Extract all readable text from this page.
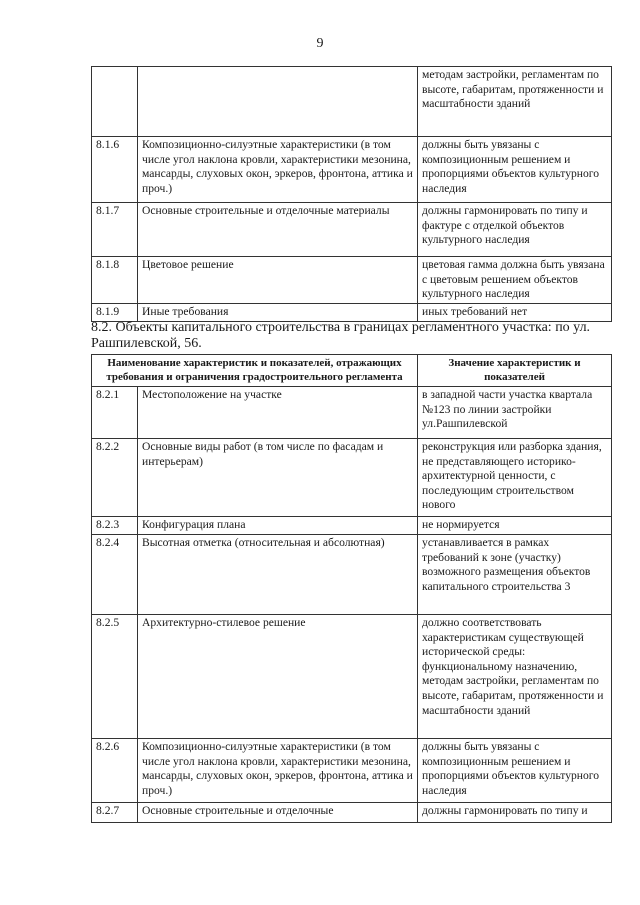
9
		методам застройки, регламентам по высоте, габаритам, протяженности и масштабности зданий
8.1.6	Композиционно-силуэтные характеристики (в том числе угол наклона кровли, характеристики мезонина, мансарды, слуховых окон, эркеров, фронтона, аттика и проч.)	должны быть увязаны с композиционным решением и пропорциями объектов культурного наследия
8.1.7	Основные строительные и отделочные материалы	должны гармонировать по типу и фактуре с отделкой объектов культурного наследия
8.1.8	Цветовое решение	цветовая гамма должна быть увязана с цветовым решением объектов культурного наследия
8.1.9	Иные требования	иных требований нет
8.2. Объекты капитального строительства в границах регламентного участка: по ул. Рашпилевской, 56.
Наименование характеристик и показателей, отражающих требования и ограничения градостроительного регламента		Значение характеристик и показателей
8.2.1	Местоположение на участке	в западной части участка квартала №123 по линии застройки ул.Рашпилевской
8.2.2	Основные виды работ (в том числе по фасадам и интерьерам)	реконструкция или разборка здания, не представляющего историко-архитектурной ценности, с последующим строительством нового
8.2.3	Конфигурация плана	не нормируется
8.2.4	Высотная отметка (относительная и абсолютная)	устанавливается в рамках требований к зоне (участку) возможного размещения объектов капитального строительства 3
8.2.5	Архитектурно-стилевое решение	должно соответствовать характеристикам существующей исторической среды: функциональному назначению, методам застройки, регламентам по высоте, габаритам, протяженности и масштабности зданий
8.2.6	Композиционно-силуэтные характеристики (в том числе угол наклона кровли, характеристики мезонина, мансарды, слуховых окон, эркеров, фронтона, аттика и проч.)	должны быть увязаны с композиционным решением и пропорциями объектов культурного наследия
8.2.7	Основные строительные и отделочные	должны гармонировать по типу и
